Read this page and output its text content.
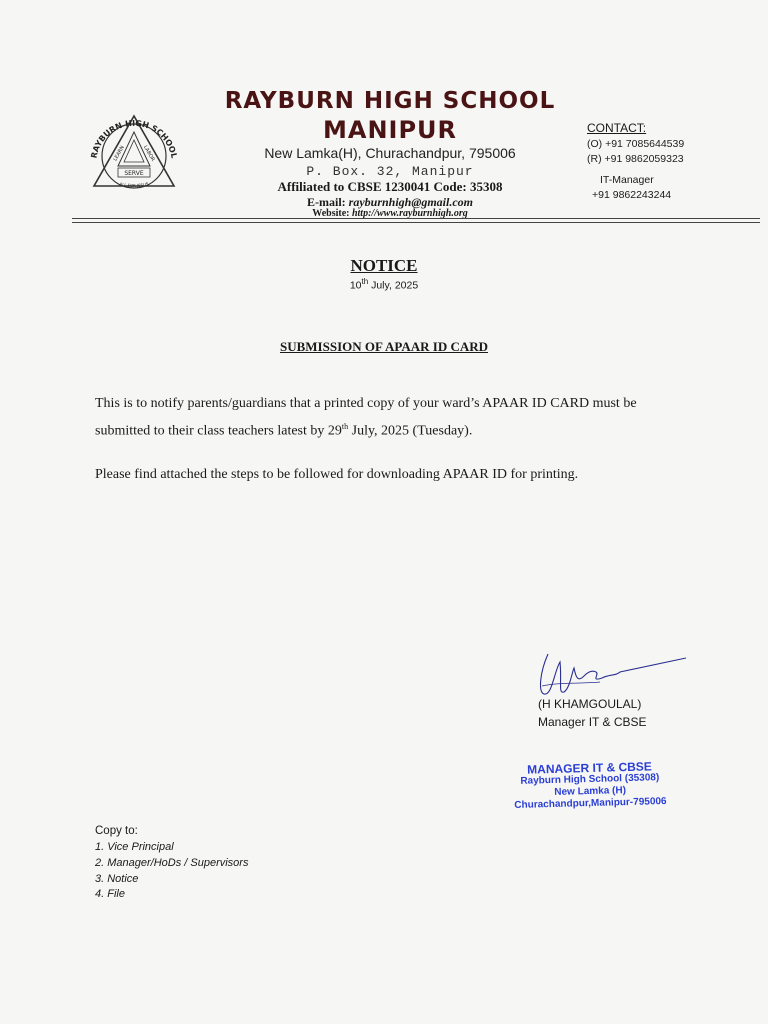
RAYBURN HIGH SCHOOL
LEARN	LABOR
SERVE
ALL FOR JESUS
RAYBURN HIGH SCHOOL
MANIPUR
New Lamka(H), Churachandpur, 795006
P. Box. 32, Manipur
Affiliated to CBSE 1230041 Code: 35308
E-mail: rayburnhigh@gmail.com
Website: http://www.rayburnhigh.org
CONTACT:
(O) +91 7085644539
(R) +91 9862059323
IT-Manager
+91 9862243244
NOTICE
10th July, 2025
SUBMISSION OF APAAR ID CARD
This is to notify parents/guardians that a printed copy of your ward’s APAAR ID CARD must be submitted to their class teachers latest by 29th July, 2025 (Tuesday).
Please find attached the steps to be followed for downloading APAAR ID for printing.
(H KHAMGOULAL)
Manager IT & CBSE
MANAGER IT & CBSE
Rayburn High School (35308)
New Lamka (H)
Churachandpur,Manipur-795006
Copy to:
1. Vice Principal
2. Manager/HoDs / Supervisors
3. Notice
4. File
